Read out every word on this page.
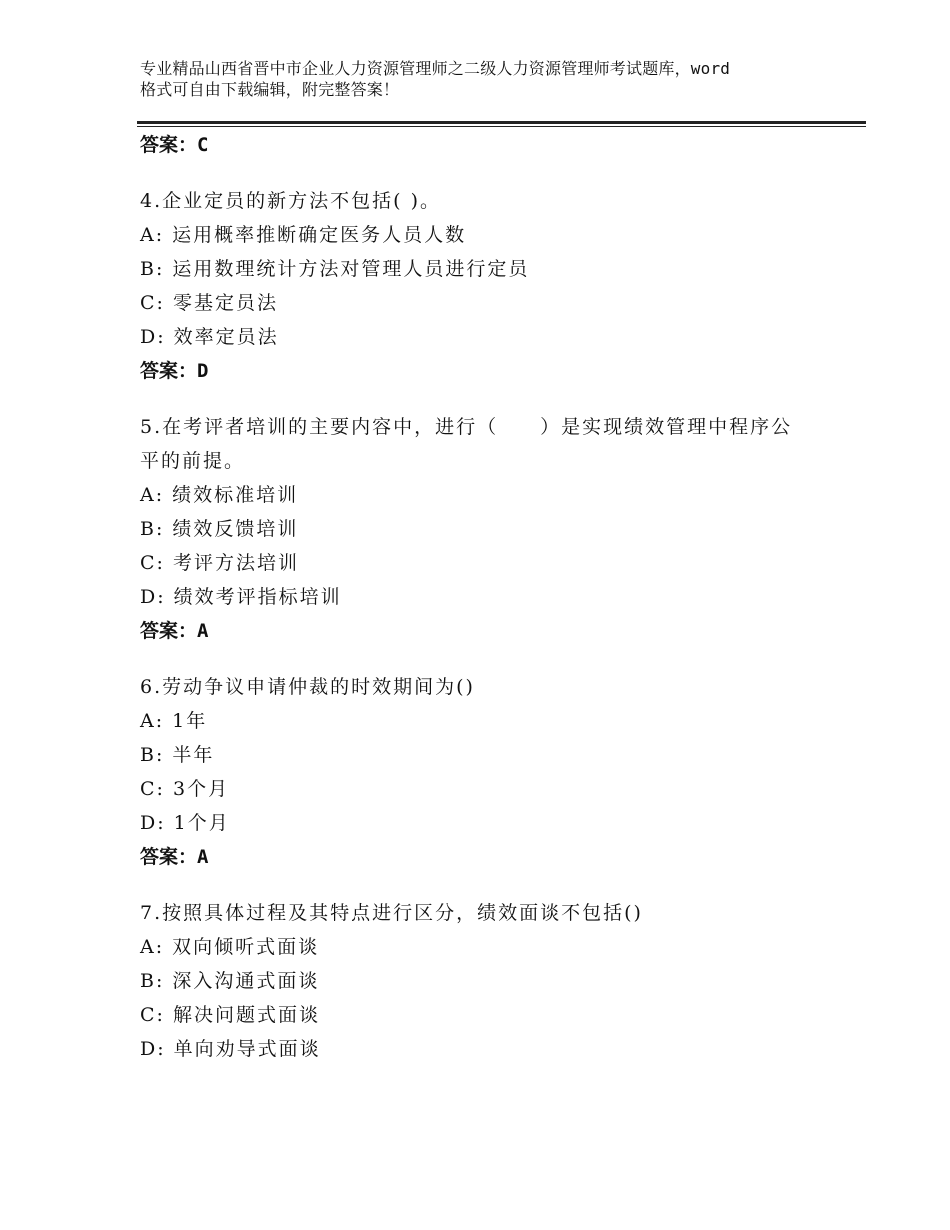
专业精品山西省晋中市企业人力资源管理师之二级人力资源管理师考试题库，word
格式可自由下载编辑，附完整答案！
答案：C
4.企业定员的新方法不包括( )。
A: 运用概率推断确定医务人员人数
B: 运用数理统计方法对管理人员进行定员
C: 零基定员法
D: 效率定员法
答案：D
5.在考评者培训的主要内容中，进行（　　）是实现绩效管理中程序公平的前提。
A: 绩效标准培训
B: 绩效反馈培训
C: 考评方法培训
D: 绩效考评指标培训
答案：A
6.劳动争议申请仲裁的时效期间为()
A: 1年
B: 半年
C: 3个月
D: 1个月
答案：A
7.按照具体过程及其特点进行区分，绩效面谈不包括()
A: 双向倾听式面谈
B: 深入沟通式面谈
C: 解决问题式面谈
D: 单向劝导式面谈
